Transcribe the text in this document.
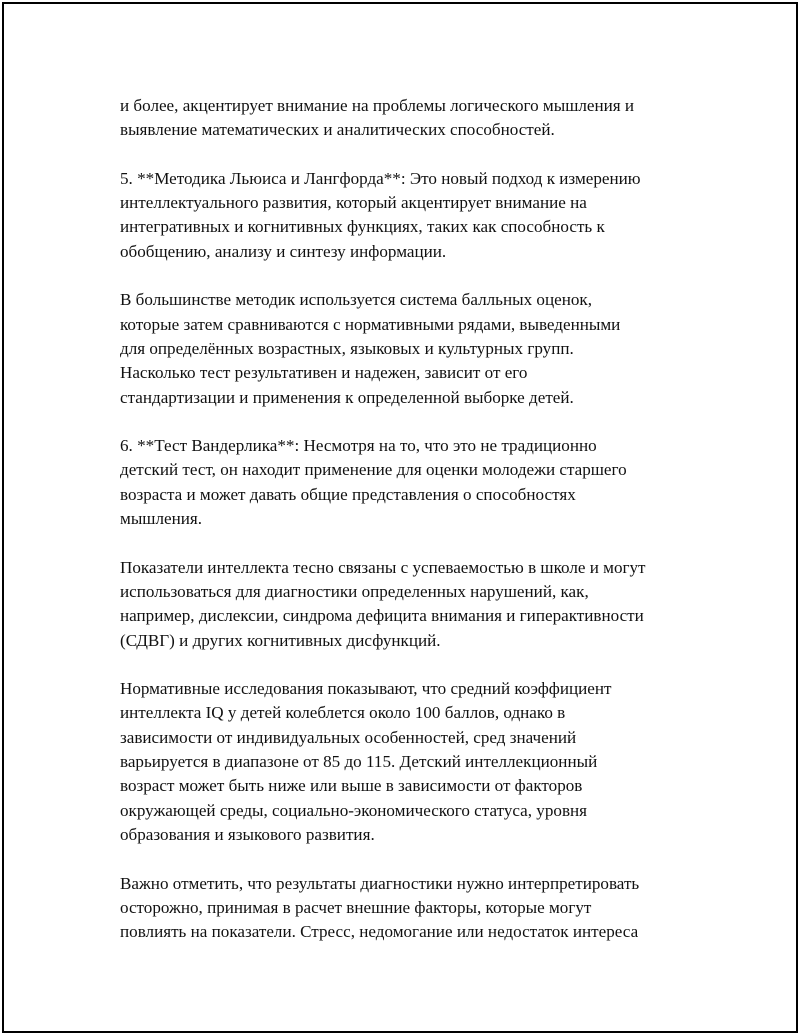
и более, акцентирует внимание на проблемы логического мышления и
выявление математических и аналитических способностей.

5. **Методика Льюиса и Лангфорда**: Это новый подход к измерению
интеллектуального развития, который акцентирует внимание на
интегративных и когнитивных функциях, таких как способность к
обобщению, анализу и синтезу информации.

В большинстве методик используется система балльных оценок,
которые затем сравниваются с нормативными рядами, выведенными
для определённых возрастных, языковых и культурных групп.
Насколько тест результативен и надежен, зависит от его
стандартизации и применения к определенной выборке детей.

6. **Тест Вандерлика**: Несмотря на то, что это не традиционно
детский тест, он находит применение для оценки молодежи старшего
возраста и может давать общие представления о способностях
мышления.

Показатели интеллекта тесно связаны с успеваемостью в школе и могут
использоваться для диагностики определенных нарушений, как,
например, дислексии, синдрома дефицита внимания и гиперактивности
(СДВГ) и других когнитивных дисфункций.

Нормативные исследования показывают, что средний коэффициент
интеллекта IQ у детей колеблется около 100 баллов, однако в
зависимости от индивидуальных особенностей, сред значений
варьируется в диапазоне от 85 до 115. Детский интеллекционный
возраст может быть ниже или выше в зависимости от факторов
окружающей среды, социально-экономического статуса, уровня
образования и языкового развития.

Важно отметить, что результаты диагностики нужно интерпретировать
осторожно, принимая в расчет внешние факторы, которые могут
повлиять на показатели. Стресс, недомогание или недостаток интереса
